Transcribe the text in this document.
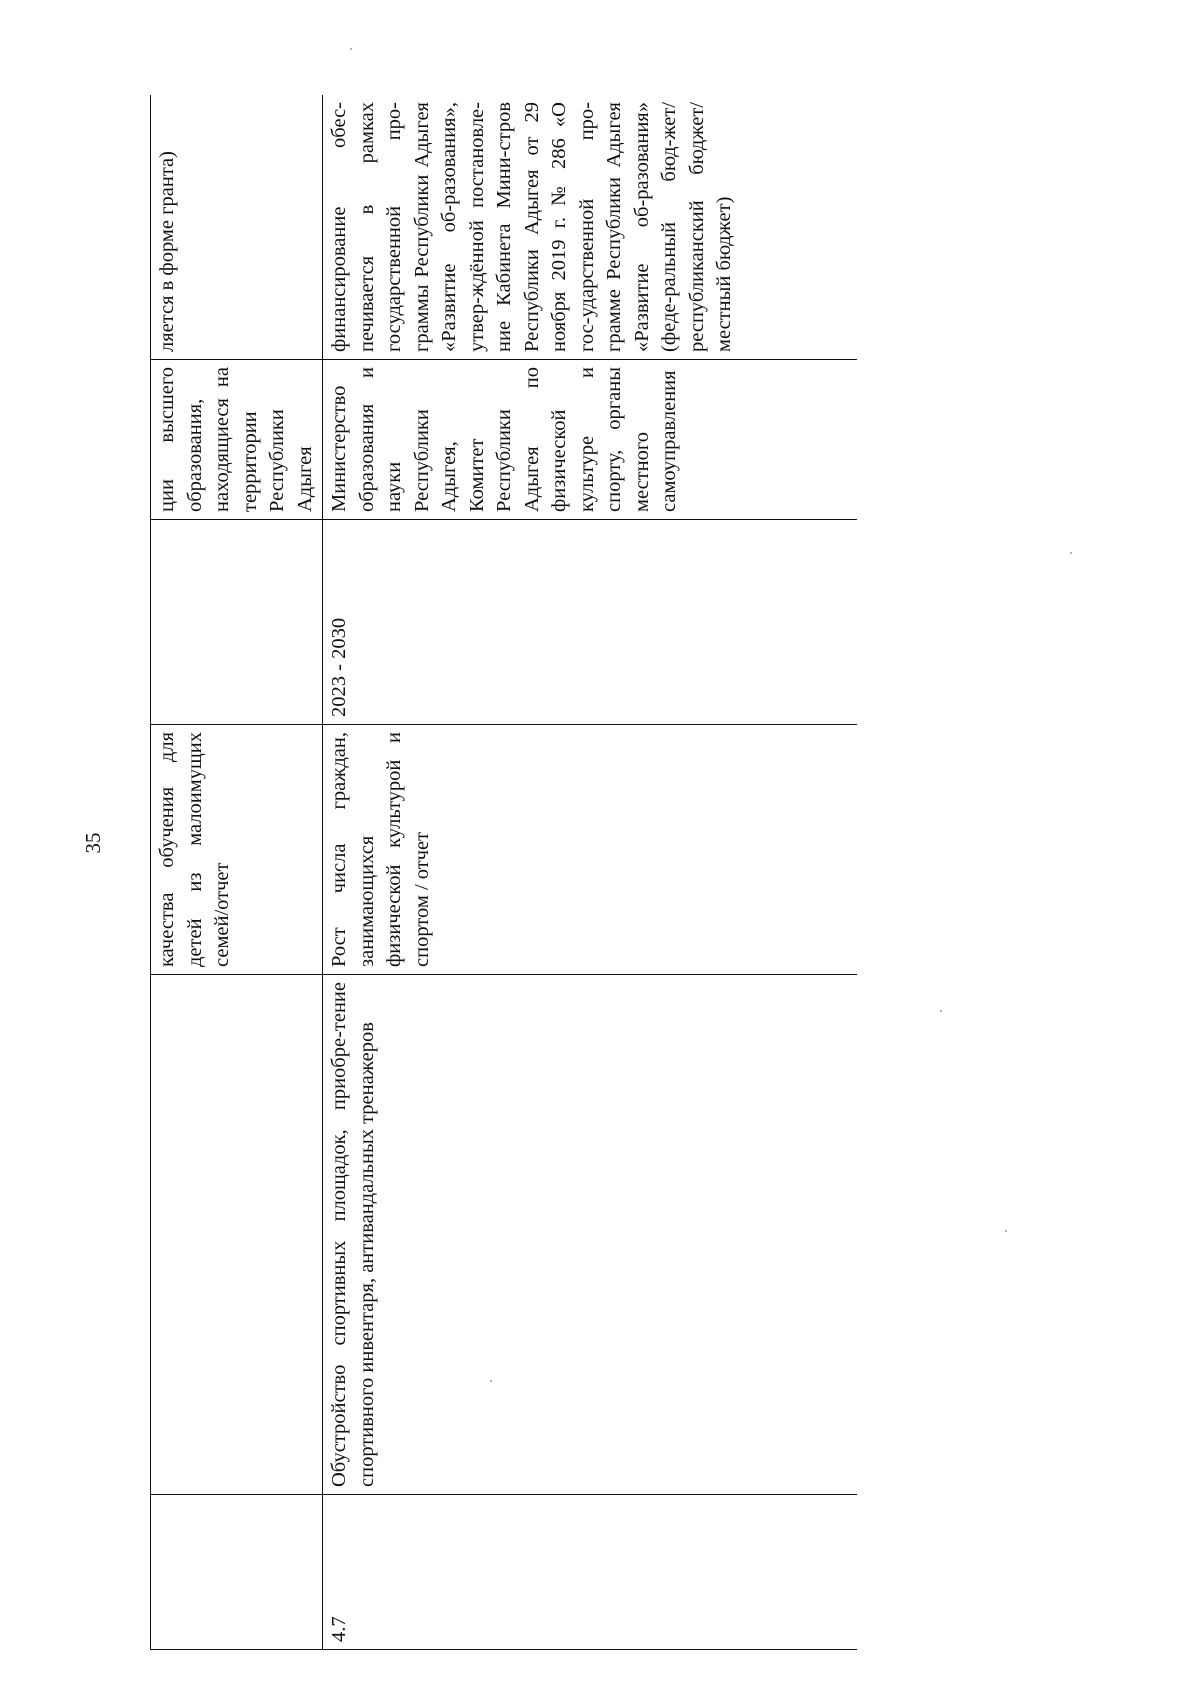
35
		качества обучения для детей из малоимущих семей/отчет		ции высшего образования, находящиеся на территории Республики Адыгея	ляется в форме гранта)
4.7	Обустройство спортивных площадок, приобре-тение спортивного инвентаря, антивандальных тренажеров	Рост числа граждан, занимающихся физической культурой и спортом / отчет	2023 - 2030	Министерство образования и науки Республики Адыгея, Комитет Республики Адыгея по физической культуре и спорту, органы местного самоуправления	финансирование обес-печивается в рамках государственной про-граммы Республики Адыгея «Развитие об-разования», утвер-ждённой постановле-ние Кабинета Мини-стров Республики Адыгея от 29 ноября 2019 г. № 286 «О гос-ударственной про-грамме Республики Адыгея «Развитие об-разования» (феде-ральный бюд-жет/республиканский бюджет/местный бюджет)
